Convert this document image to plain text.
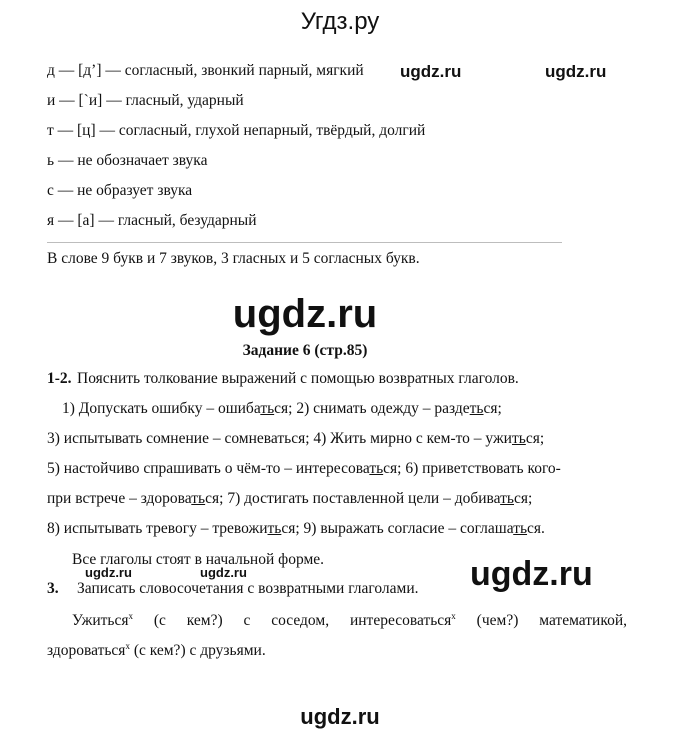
Угдз.ру
ugdz.ru	ugdz.ru
д — [д’] — согласный, звонкий парный, мягкий
и — [`и] — гласный, ударный
т — [ц] — согласный, глухой непарный, твёрдый, долгий
ь — не обозначает звука
с — не образует звука
я — [а] — гласный, безударный
В слове 9 букв и 7 звуков, 3 гласных и 5 согласных букв.
ugdz.ru
Задание 6 (стр.85)
1-2. Пояснить толкование выражений с помощью возвратных глаголов.
1) Допускать ошибку – ошибаться; 2) снимать одежду – раздеться;
3) испытывать сомнение – сомневаться; 4) Жить мирно с кем-то – ужиться;
5) настойчиво спрашивать о чём-то – интересоваться; 6) приветствовать кого-
при встрече – здороваться; 7) достигать поставленной цели – добиваться;
8) испытывать тревогу – тревожиться; 9) выражать согласие – соглашаться.
Все глаголы стоят в начальной форме.
ugdz.ru	ugdz.ru	ugdz.ru
3. Записать словосочетания с возвратными глаголами.
Ужиться$^х$ (с кем?) с соседом, интересоваться$^х$ (чем?) математикой,
здороваться$^х$ (с кем?) с друзьями.
ugdz.ru
